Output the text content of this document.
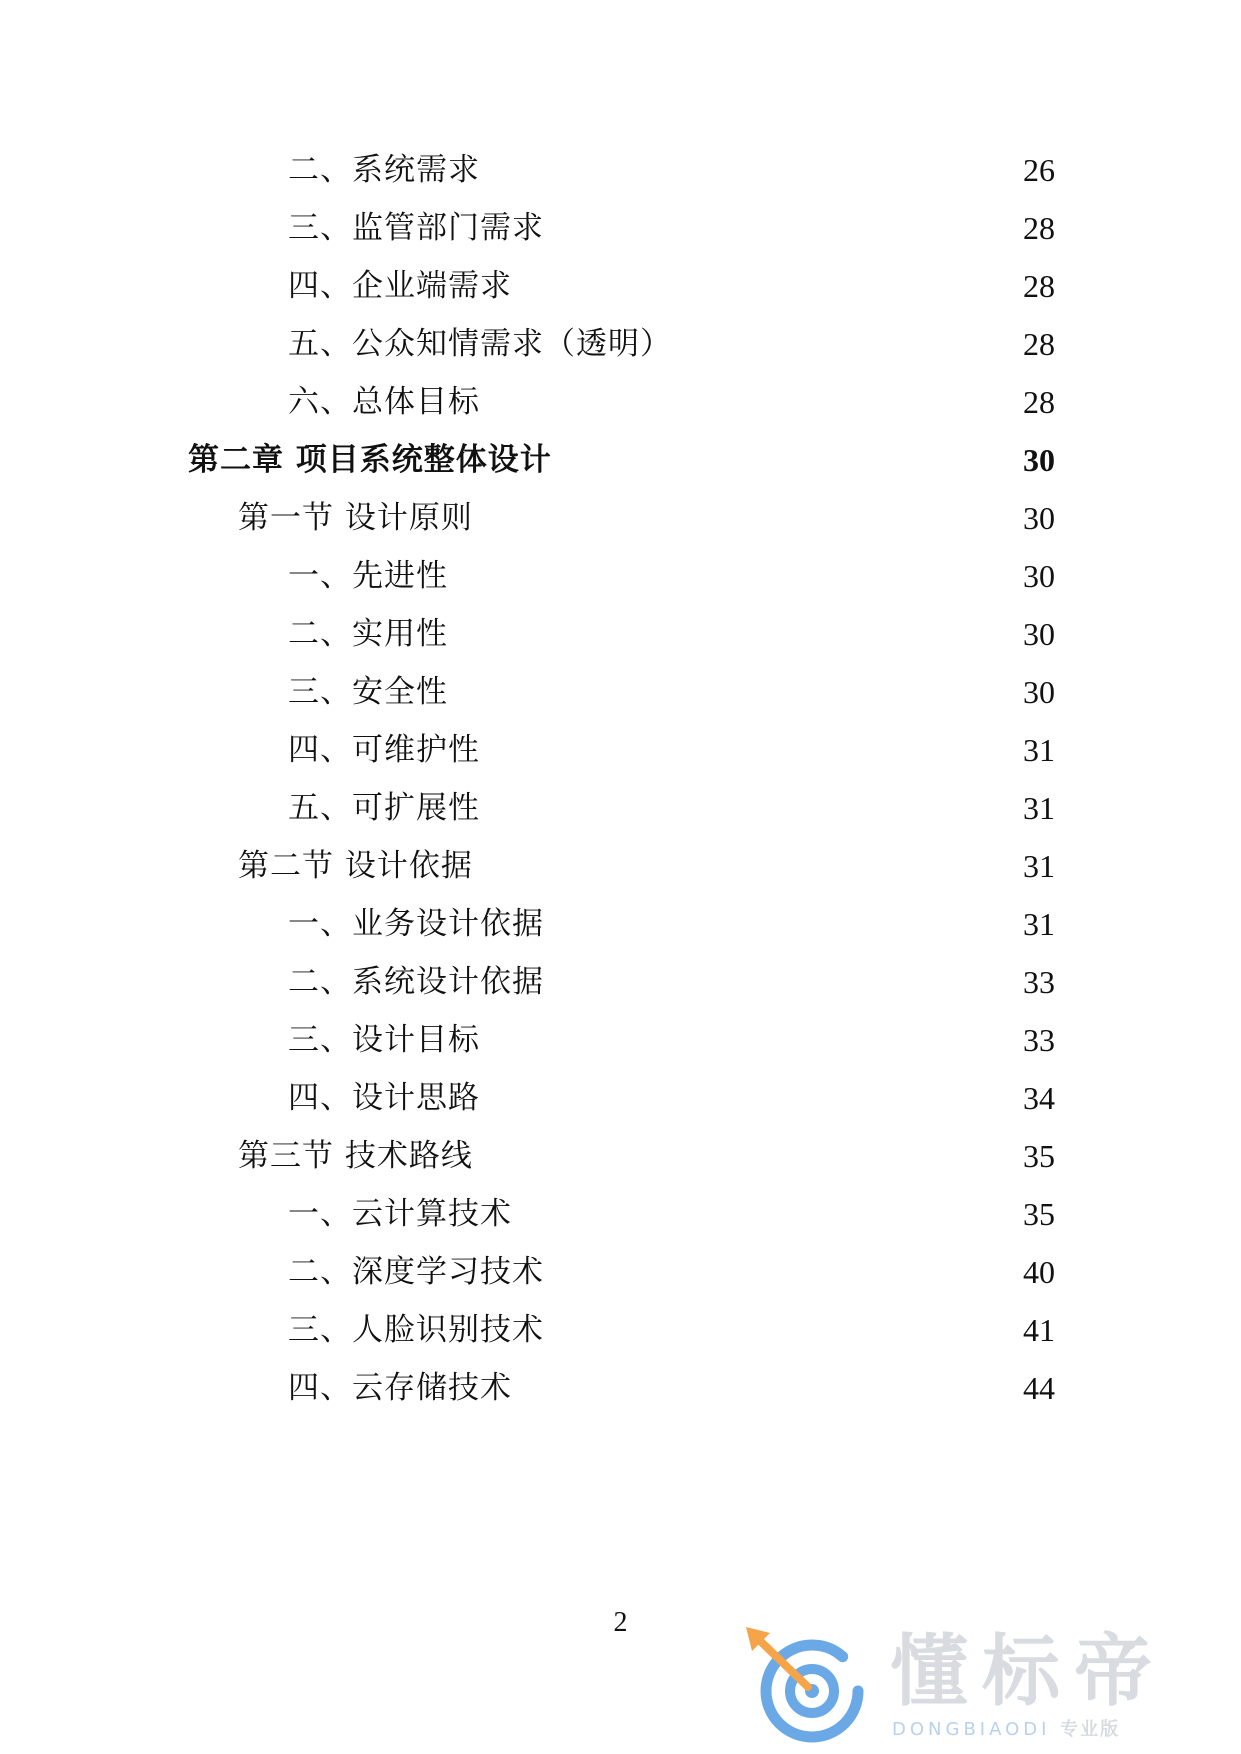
二、系统需求	26
三、监管部门需求	28
四、企业端需求	28
五、公众知情需求（透明）	28
六、总体目标	28
第二章 项目系统整体设计	30
第一节 设计原则	30
一、先进性	30
二、实用性	30
三、安全性	30
四、可维护性	31
五、可扩展性	31
第二节 设计依据	31
一、业务设计依据	31
二、系统设计依据	33
三、设计目标	33
四、设计思路	34
第三节 技术路线	35
一、云计算技术	35
二、深度学习技术	40
三、人脸识别技术	41
四、云存储技术	44
2
懂标帝
DONGBIAODI 专业版
